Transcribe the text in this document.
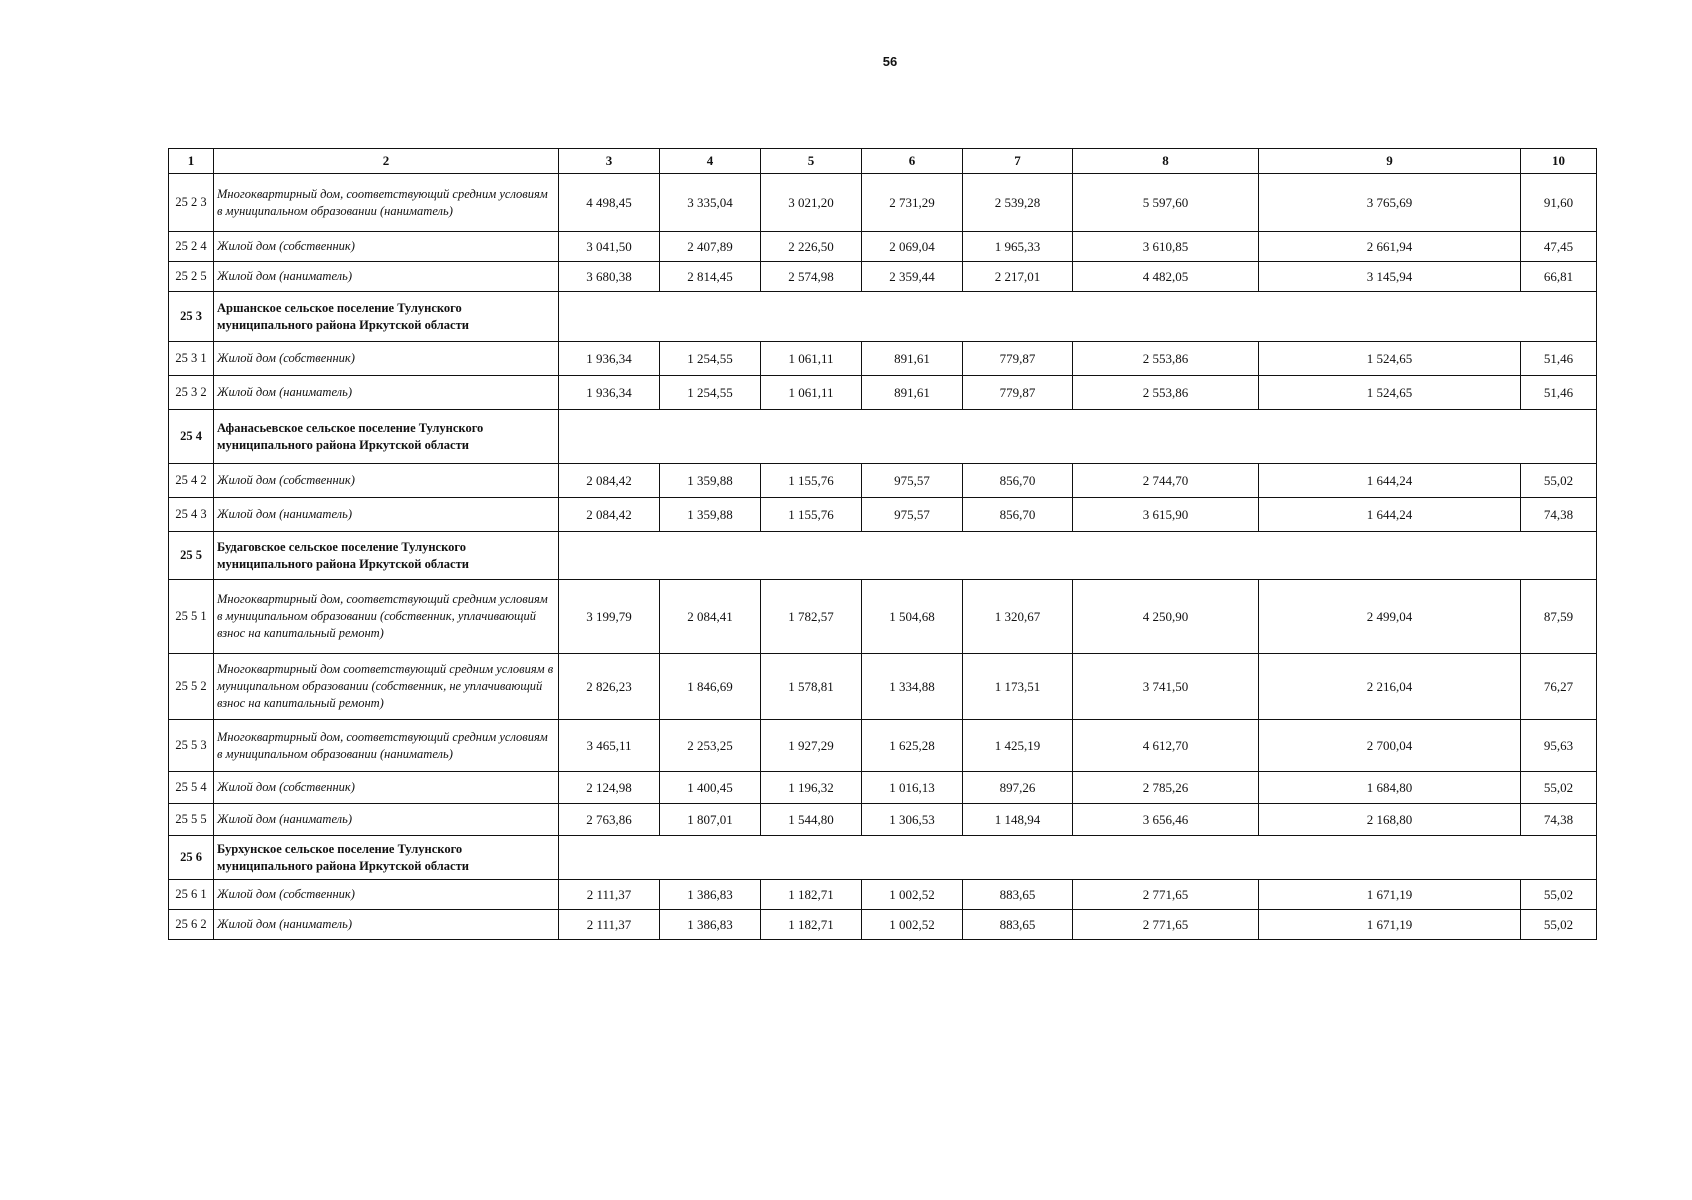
56
1	2	3	4	5	6	7	8	9	10
25 2 3	Многоквартирный дом, соответствующий средним условиям в муниципальном образовании (наниматель)	4 498,45	3 335,04	3 021,20	2 731,29	2 539,28	5 597,60	3 765,69	91,60
25 2 4	Жилой дом (собственник)	3 041,50	2 407,89	2 226,50	2 069,04	1 965,33	3 610,85	2 661,94	47,45
25 2 5	Жилой дом (наниматель)	3 680,38	2 814,45	2 574,98	2 359,44	2 217,01	4 482,05	3 145,94	66,81
25 3	Аршанское сельское поселение Тулунского муниципального района Иркутской области								
25 3 1	Жилой дом (собственник)	1 936,34	1 254,55	1 061,11	891,61	779,87	2 553,86	1 524,65	51,46
25 3 2	Жилой дом (наниматель)	1 936,34	1 254,55	1 061,11	891,61	779,87	2 553,86	1 524,65	51,46
25 4	Афанасьевское сельское поселение Тулунского муниципального района Иркутской области								
25 4 2	Жилой дом (собственник)	2 084,42	1 359,88	1 155,76	975,57	856,70	2 744,70	1 644,24	55,02
25 4 3	Жилой дом (наниматель)	2 084,42	1 359,88	1 155,76	975,57	856,70	3 615,90	1 644,24	74,38
25 5	Будаговское сельское поселение Тулунского муниципального района Иркутской области								
25 5 1	Многоквартирный дом, соответствующий средним условиям в муниципальном образовании (собственник, уплачивающий взнос на капитальный ремонт)	3 199,79	2 084,41	1 782,57	1 504,68	1 320,67	4 250,90	2 499,04	87,59
25 5 2	Многоквартирный дом соответствующий средним условиям в муниципальном образовании (собственник, не уплачивающий взнос на капитальный ремонт)	2 826,23	1 846,69	1 578,81	1 334,88	1 173,51	3 741,50	2 216,04	76,27
25 5 3	Многоквартирный дом, соответствующий средним условиям в муниципальном образовании (наниматель)	3 465,11	2 253,25	1 927,29	1 625,28	1 425,19	4 612,70	2 700,04	95,63
25 5 4	Жилой дом (собственник)	2 124,98	1 400,45	1 196,32	1 016,13	897,26	2 785,26	1 684,80	55,02
25 5 5	Жилой дом (наниматель)	2 763,86	1 807,01	1 544,80	1 306,53	1 148,94	3 656,46	2 168,80	74,38
25 6	Бурхунское сельское поселение Тулунского муниципального района Иркутской области								
25 6 1	Жилой дом (собственник)	2 111,37	1 386,83	1 182,71	1 002,52	883,65	2 771,65	1 671,19	55,02
25 6 2	Жилой дом (наниматель)	2 111,37	1 386,83	1 182,71	1 002,52	883,65	2 771,65	1 671,19	55,02
